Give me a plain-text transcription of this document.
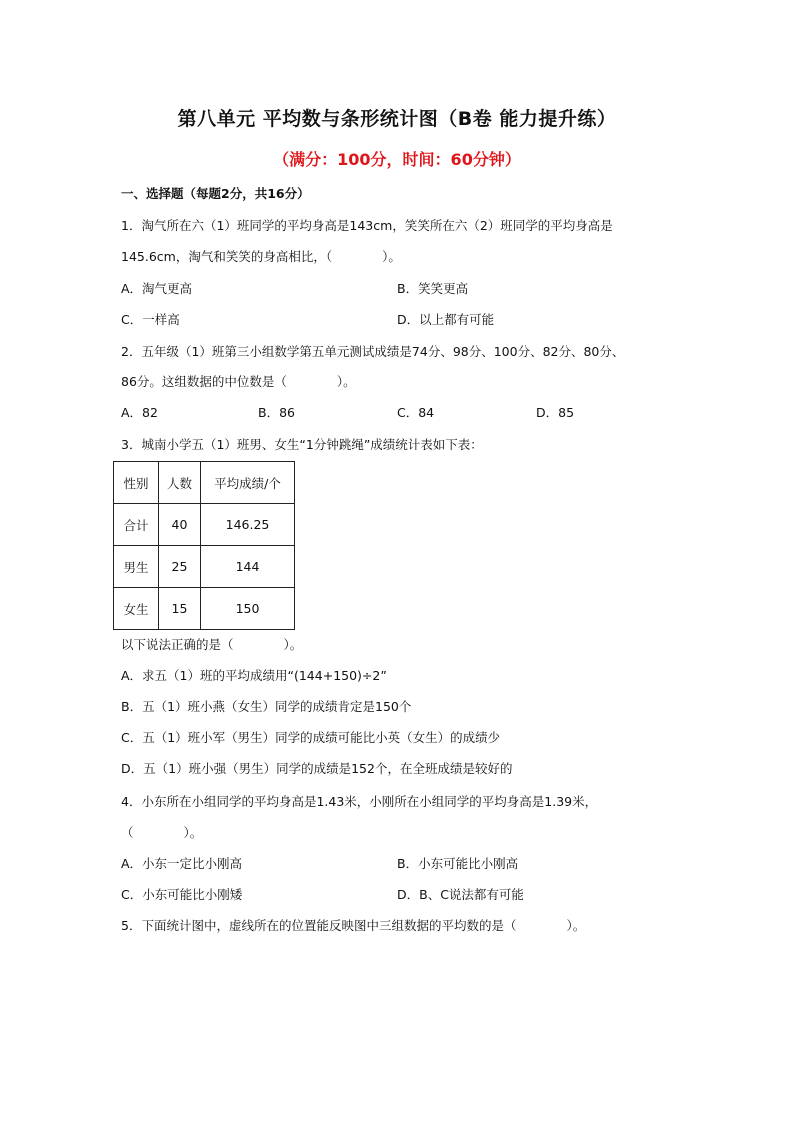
第八单元 平均数与条形统计图（B卷 能力提升练）
（满分：100分，时间：60分钟）
一、选择题（每题2分，共16分）
1．淘气所在六（1）班同学的平均身高是143cm，笑笑所在六（2）班同学的平均身高是
145.6cm，淘气和笑笑的身高相比，（　　　　）。
A．淘气更高	B．笑笑更高
C．一样高	D．以上都有可能
2．五年级（1）班第三小组数学第五单元测试成绩是74分、98分、100分、82分、80分、
86分。这组数据的中位数是（　　　　）。
A．82	B．86	C．84	D．85
3．城南小学五（1）班男、女生“1分钟跳绳”成绩统计表如下表：
性别	人数	平均成绩/个
合计	40	146.25
男生	25	144
女生	15	150
以下说法正确的是（　　　　）。
A．求五（1）班的平均成绩用“(144+150)÷2”
B．五（1）班小燕（女生）同学的成绩肯定是150个
C．五（1）班小军（男生）同学的成绩可能比小英（女生）的成绩少
D．五（1）班小强（男生）同学的成绩是152个，在全班成绩是较好的
4．小东所在小组同学的平均身高是1.43米，小刚所在小组同学的平均身高是1.39米，
（　　　　）。
A．小东一定比小刚高	B．小东可能比小刚高
C．小东可能比小刚矮	D．B、C说法都有可能
5．下面统计图中，虚线所在的位置能反映图中三组数据的平均数的是（　　　　）。
